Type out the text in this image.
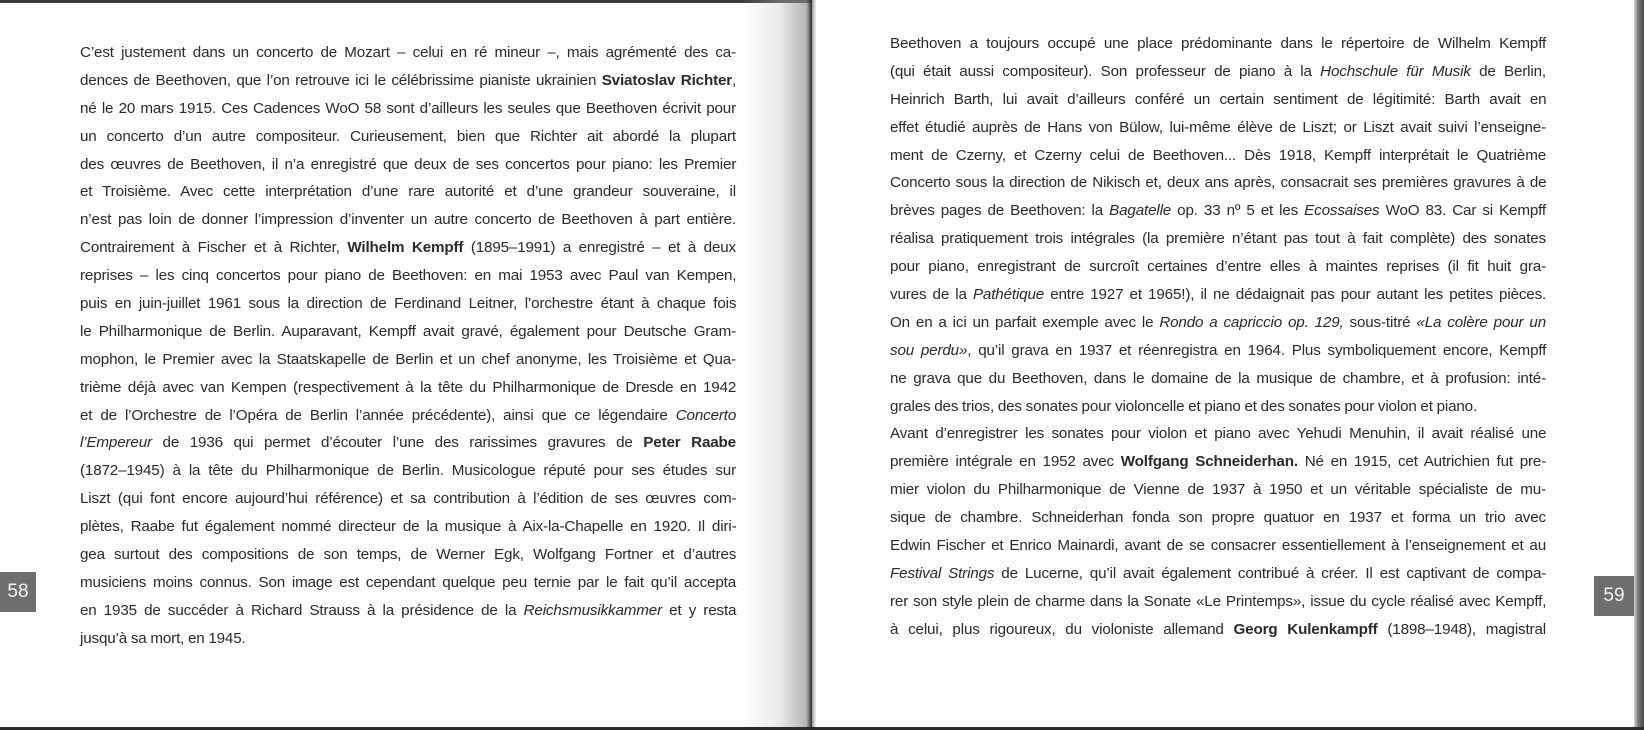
C’est justement dans un concerto de Mozart – celui en ré mineur –, mais agrémenté des ca-
dences de Beethoven, que l’on retrouve ici le célébrissime pianiste ukrainien Sviatoslav Richter,
né le 20 mars 1915. Ces Cadences WoO 58 sont d’ailleurs les seules que Beethoven écrivit pour
un concerto d’un autre compositeur. Curieusement, bien que Richter ait abordé la plupart
des œuvres de Beethoven, il n’a enregistré que deux de ses concertos pour piano: les Premier
et Troisième. Avec cette interprétation d’une rare autorité et d’une grandeur souveraine, il
n’est pas loin de donner l’impression d’inventer un autre concerto de Beethoven à part entière.
Contrairement à Fischer et à Richter, Wilhelm Kempff (1895–1991) a enregistré – et à deux
reprises – les cinq concertos pour piano de Beethoven: en mai 1953 avec Paul van Kempen,
puis en juin-juillet 1961 sous la direction de Ferdinand Leitner, l’orchestre étant à chaque fois
le Philharmonique de Berlin. Auparavant, Kempff avait gravé, également pour Deutsche Gram-
mophon, le Premier avec la Staatskapelle de Berlin et un chef anonyme, les Troisième et Qua-
trième déjà avec van Kempen (respectivement à la tête du Philharmonique de Dresde en 1942
et de l’Orchestre de l’Opéra de Berlin l’année précédente), ainsi que ce légendaire Concerto
l’Empereur de 1936 qui permet d’écouter l’une des rarissimes gravures de Peter Raabe
(1872–1945) à la tête du Philharmonique de Berlin. Musicologue réputé pour ses études sur
Liszt (qui font encore aujourd’hui référence) et sa contribution à l’édition de ses œuvres com-
plètes, Raabe fut également nommé directeur de la musique à Aix-la-Chapelle en 1920. Il diri-
gea surtout des compositions de son temps, de Werner Egk, Wolfgang Fortner et d’autres
musiciens moins connus. Son image est cependant quelque peu ternie par le fait qu’il accepta
en 1935 de succéder à Richard Strauss à la présidence de la Reichsmusikkammer et y resta
jusqu’à sa mort, en 1945.
Beethoven a toujours occupé une place prédominante dans le répertoire de Wilhelm Kempff
(qui était aussi compositeur). Son professeur de piano à la Hochschule für Musik de Berlin,
Heinrich Barth, lui avait d’ailleurs conféré un certain sentiment de légitimité: Barth avait en
effet étudié auprès de Hans von Bülow, lui-même élève de Liszt; or Liszt avait suivi l’enseigne-
ment de Czerny, et Czerny celui de Beethoven... Dès 1918, Kempff interprétait le Quatrième
Concerto sous la direction de Nikisch et, deux ans après, consacrait ses premières gravures à de
brèves pages de Beethoven: la Bagatelle op. 33 nº 5 et les Ecossaises WoO 83. Car si Kempff
réalisa pratiquement trois intégrales (la première n’étant pas tout à fait complète) des sonates
pour piano, enregistrant de surcroît certaines d’entre elles à maintes reprises (il fit huit gra-
vures de la Pathétique entre 1927 et 1965!), il ne dédaignait pas pour autant les petites pièces.
On en a ici un parfait exemple avec le Rondo a capriccio op. 129, sous-titré «La colère pour un
sou perdu», qu’il grava en 1937 et réenregistra en 1964. Plus symboliquement encore, Kempff
ne grava que du Beethoven, dans le domaine de la musique de chambre, et à profusion: inté-
grales des trios, des sonates pour violoncelle et piano et des sonates pour violon et piano.
Avant d’enregistrer les sonates pour violon et piano avec Yehudi Menuhin, il avait réalisé une
première intégrale en 1952 avec Wolfgang Schneiderhan. Né en 1915, cet Autrichien fut pre-
mier violon du Philharmonique de Vienne de 1937 à 1950 et un véritable spécialiste de mu-
sique de chambre. Schneiderhan fonda son propre quatuor en 1937 et forma un trio avec
Edwin Fischer et Enrico Mainardi, avant de se consacrer essentiellement à l’enseignement et au
Festival Strings de Lucerne, qu’il avait également contribué à créer. Il est captivant de compa-
rer son style plein de charme dans la Sonate «Le Printemps», issue du cycle réalisé avec Kempff,
à celui, plus rigoureux, du violoniste allemand Georg Kulenkampff (1898–1948), magistral
58	59
